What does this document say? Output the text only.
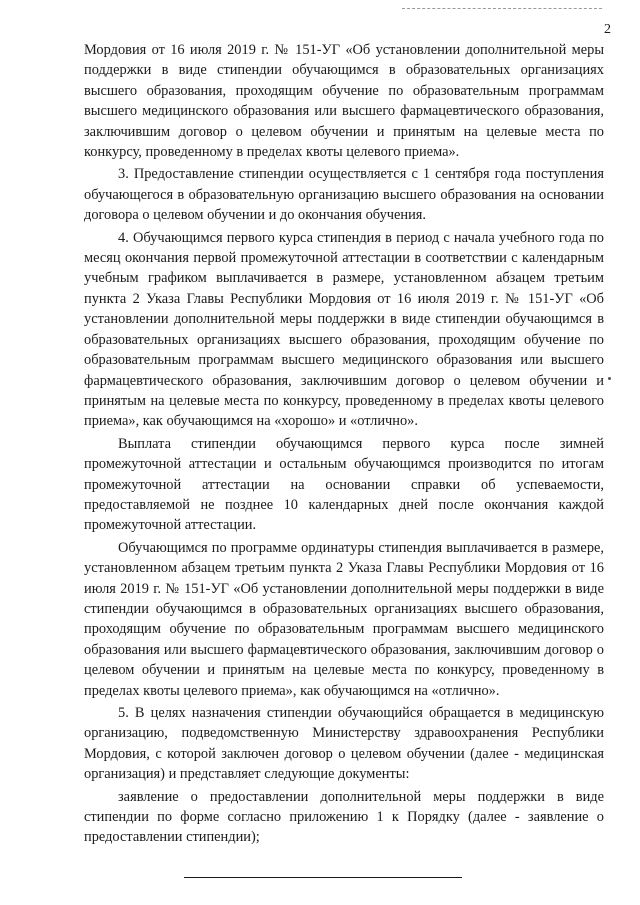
2

Мордовия от 16 июля 2019 г. № 151-УГ «Об установлении дополнительной меры поддержки в виде стипендии обучающимся в образовательных организациях высшего образования, проходящим обучение по образовательным программам высшего медицинского образования или высшего фармацевтического образования, заключившим договор о целевом обучении и принятым на целевые места по конкурсу, проведенному в пределах квоты целевого приема».

3. Предоставление стипендии осуществляется с 1 сентября года поступления обучающегося в образовательную организацию высшего образования на основании договора о целевом обучении и до окончания обучения.

4. Обучающимся первого курса стипендия в период с начала учебного года по месяц окончания первой промежуточной аттестации в соответствии с календарным учебным графиком выплачивается в размере, установленном абзацем третьим пункта 2 Указа Главы Республики Мордовия от 16 июля 2019 г. № 151-УГ «Об установлении дополнительной меры поддержки в виде стипендии обучающимся в образовательных организациях высшего образования, проходящим обучение по образовательным программам высшего медицинского образования или высшего фармацевтического образования, заключившим договор о целевом обучении и принятым на целевые места по конкурсу, проведенному в пределах квоты целевого приема», как обучающимся на «хорошо» и «отлично».

Выплата стипендии обучающимся первого курса после зимней промежуточной аттестации и остальным обучающимся производится по итогам промежуточной аттестации на основании справки об успеваемости, предоставляемой не позднее 10 календарных дней после окончания каждой промежуточной аттестации.

Обучающимся по программе ординатуры стипендия выплачивается в размере, установленном абзацем третьим пункта 2 Указа Главы Республики Мордовия от 16 июля 2019 г. № 151-УГ «Об установлении дополнительной меры поддержки в виде стипендии обучающимся в образовательных организациях высшего образования, проходящим обучение по образовательным программам высшего медицинского образования или высшего фармацевтического образования, заключившим договор о целевом обучении и принятым на целевые места по конкурсу, проведенному в пределах квоты целевого приема», как обучающимся на «отлично».

5. В целях назначения стипендии обучающийся обращается в медицинскую организацию, подведомственную Министерству здравоохранения Республики Мордовия, с которой заключен договор о целевом обучении (далее - медицинская организация) и представляет следующие документы:

заявление о предоставлении дополнительной меры поддержки в виде стипендии по форме согласно приложению 1 к Порядку (далее - заявление о предоставлении стипендии);
